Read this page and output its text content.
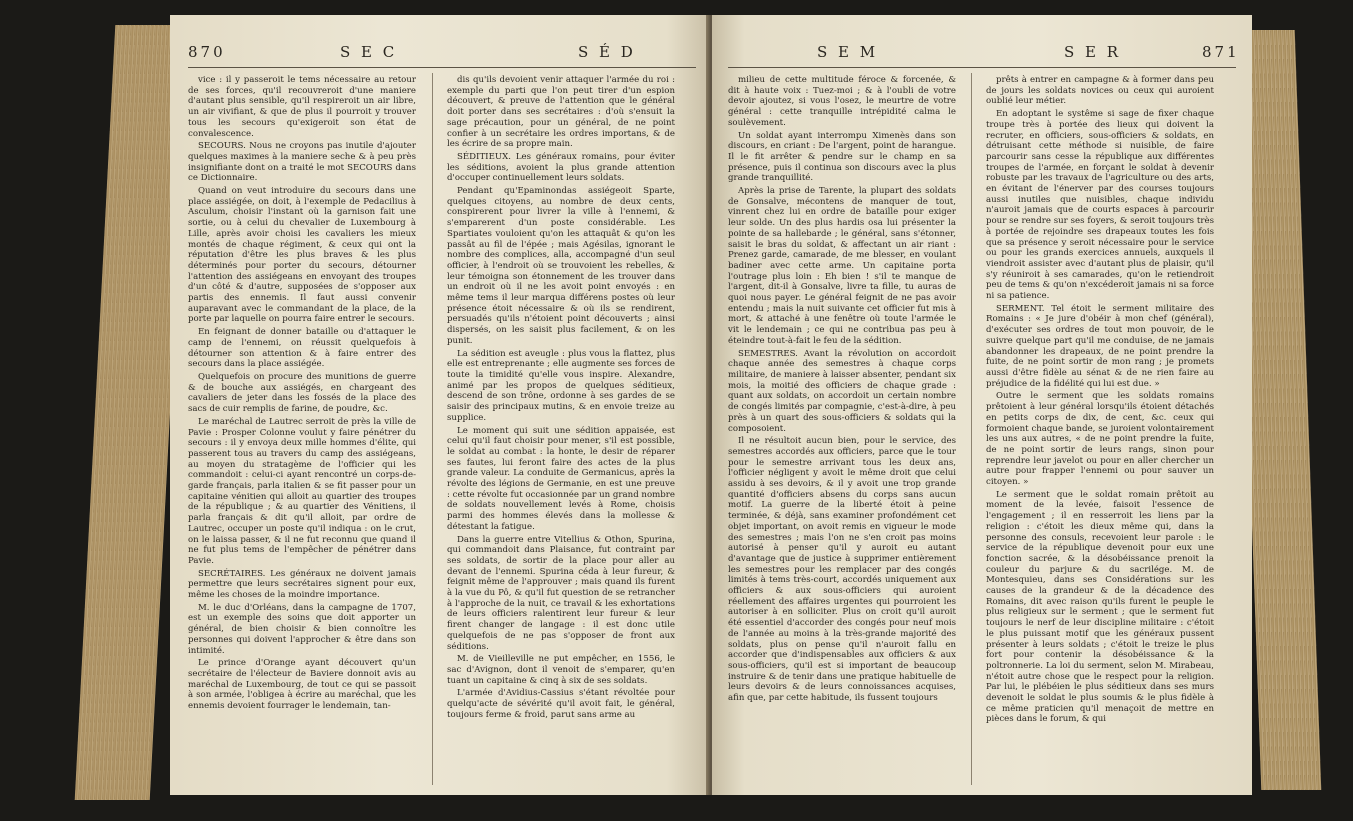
870	S E C	S É D

vice : il y passeroit le tems nécessaire au retour de ses forces, qu'il recouvreroit d'une maniere d'autant plus sensible, qu'il respireroit un air libre, un air vivifiant, & que de plus il pourroit y trouver tous les secours qu'exigeroit son état de convalescence.

SECOURS. Nous ne croyons pas inutile d'ajouter quelques maximes à la maniere seche & à peu près insignifiante dont on a traité le mot SECOURS dans ce Dictionnaire.

Quand on veut introduire du secours dans une place assiégée, on doit, à l'exemple de Pedacilius à Asculum, choisir l'instant où la garnison fait une sortie, ou à celui du chevalier de Luxembourg à Lille, après avoir choisi les cavaliers les mieux montés de chaque régiment, & ceux qui ont la réputation d'être les plus braves & les plus déterminés pour porter du secours, détourner l'attention des assiégeans en envoyant des troupes d'un côté & d'autre, supposées de s'opposer aux partis des ennemis. Il faut aussi convenir auparavant avec le commandant de la place, de la porte par laquelle on pourra faire entrer le secours.

En feignant de donner bataille ou d'attaquer le camp de l'ennemi, on réussit quelquefois à détourner son attention & à faire entrer des secours dans la place assiégée.

Quelquefois on procure des munitions de guerre & de bouche aux assiégés, en chargeant des cavaliers de jeter dans les fossés de la place des sacs de cuir remplis de farine, de poudre, &c.

Le maréchal de Lautrec serroit de près la ville de Pavie : Prosper Colonne voulut y faire pénétrer du secours : il y envoya deux mille hommes d'élite, qui passerent tous au travers du camp des assiégeans, au moyen du stratagème de l'officier qui les commandoit : celui-ci ayant rencontré un corps-de-garde français, parla italien & se fit passer pour un capitaine vénitien qui alloit au quartier des troupes de la république ; & au quartier des Vénitiens, il parla français & dit qu'il alloit, par ordre de Lautrec, occuper un poste qu'il indiqua : on le crut, on le laissa passer, & il ne fut reconnu que quand il ne fut plus tems de l'empêcher de pénétrer dans Pavie.

SECRÉTAIRES. Les généraux ne doivent jamais permettre que leurs secrétaires signent pour eux, même les choses de la moindre importance.

M. le duc d'Orléans, dans la campagne de 1707, est un exemple des soins que doit apporter un général, de bien choisir & bien connoître les personnes qui doivent l'approcher & être dans son intimité.

Le prince d'Orange ayant découvert qu'un secrétaire de l'électeur de Baviere donnoit avis au maréchal de Luxembourg, de tout ce qui se passoit à son armée, l'obligea à écrire au maréchal, que les ennemis devoient fourrager le lendemain, tan-

dis qu'ils devoient venir attaquer l'armée du roi : exemple du parti que l'on peut tirer d'un espion découvert, & preuve de l'attention que le général doit porter dans ses secrétaires : d'où s'ensuit la sage précaution, pour un général, de ne point confier à un secrétaire les ordres importans, & de les écrire de sa propre main.

SÉDITIEUX. Les généraux romains, pour éviter les séditions, avoient la plus grande attention d'occuper continuellement leurs soldats.

Pendant qu'Epaminondas assiégeoit Sparte, quelques citoyens, au nombre de deux cents, conspirerent pour livrer la ville à l'ennemi, & s'emparerent d'un poste considérable. Les Spartiates vouloient qu'on les attaquât & qu'on les passât au fil de l'épée ; mais Agésilas, ignorant le nombre des complices, alla, accompagné d'un seul officier, à l'endroit où se trouvoient les rebelles, & leur témoigna son étonnement de les trouver dans un endroit où il ne les avoit point envoyés : en même tems il leur marqua différens postes où leur présence étoit nécessaire & où ils se rendirent, persuadés qu'ils n'étoient point découverts ; ainsi dispersés, on les saisit plus facilement, & on les punit.

La sédition est aveugle : plus vous la flattez, plus elle est entreprenante ; elle augmente ses forces de toute la timidité qu'elle vous inspire. Alexandre, animé par les propos de quelques séditieux, descend de son trône, ordonne à ses gardes de se saisir des principaux mutins, & en envoie treize au supplice.

Le moment qui suit une sédition appaisée, est celui qu'il faut choisir pour mener, s'il est possible, le soldat au combat : la honte, le desir de réparer ses fautes, lui feront faire des actes de la plus grande valeur. La conduite de Germanicus, après la révolte des légions de Germanie, en est une preuve : cette révolte fut occasionnée par un grand nombre de soldats nouvellement levés à Rome, choisis parmi des hommes élevés dans la mollesse & détestant la fatigue.

Dans la guerre entre Vitellius & Othon, Spurina, qui commandoit dans Plaisance, fut contraint par ses soldats, de sortir de la place pour aller au devant de l'ennemi. Spurina céda à leur fureur, & feignit même de l'approuver ; mais quand ils furent à la vue du Pô, & qu'il fut question de se retrancher à l'approche de la nuit, ce travail & les exhortations de leurs officiers ralentirent leur fureur & leur firent changer de langage : il est donc utile quelquefois de ne pas s'opposer de front aux séditions.

M. de Vieilleville ne put empêcher, en 1556, le sac d'Avignon, dont il venoit de s'emparer, qu'en tuant un capitaine & cinq à six de ses soldats.

L'armée d'Avidius-Cassius s'étant révoltée pour quelqu'acte de sévérité qu'il avoit fait, le général, toujours ferme & froid, parut sans arme au

S E M	S E R	871

milieu de cette multitude féroce & forcenée, & dit à haute voix : Tuez-moi ; & à l'oubli de votre devoir ajoutez, si vous l'osez, le meurtre de votre général : cette tranquille intrépidité calma le soulèvement.

Un soldat ayant interrompu Ximenès dans son discours, en criant : De l'argent, point de harangue. Il le fit arrêter & pendre sur le champ en sa présence, puis il continua son discours avec la plus grande tranquillité.

Après la prise de Tarente, la plupart des soldats de Gonsalve, mécontens de manquer de tout, vinrent chez lui en ordre de bataille pour exiger leur solde. Un des plus hardis osa lui présenter la pointe de sa hallebarde ; le général, sans s'étonner, saisit le bras du soldat, & affectant un air riant : Prenez garde, camarade, de me blesser, en voulant badiner avec cette arme. Un capitaine porta l'outrage plus loin : Eh bien ! s'il te manque de l'argent, dit-il à Gonsalve, livre ta fille, tu auras de quoi nous payer. Le général feignit de ne pas avoir entendu ; mais la nuit suivante cet officier fut mis à mort, & attaché à une fenêtre où toute l'armée le vit le lendemain ; ce qui ne contribua pas peu à éteindre tout-à-fait le feu de la sédition.

SEMESTRES. Avant la révolution on accordoit chaque année des semestres à chaque corps militaire, de maniere à laisser absenter, pendant six mois, la moitié des officiers de chaque grade : quant aux soldats, on accordoit un certain nombre de congés limités par compagnie, c'est-à-dire, à peu près à un quart des sous-officiers & soldats qui la composoient.

Il ne résultoit aucun bien, pour le service, des semestres accordés aux officiers, parce que le tour pour le semestre arrivant tous les deux ans, l'officier négligent y avoit le même droit que celui assidu à ses devoirs, & il y avoit une trop grande quantité d'officiers absens du corps sans aucun motif. La guerre de la liberté étoit à peine terminée, & déjà, sans examiner profondément cet objet important, on avoit remis en vigueur le mode des semestres ; mais l'on ne s'en croit pas moins autorisé à penser qu'il y auroit eu autant d'avantage que de justice à supprimer entièrement les semestres pour les remplacer par des congés limités à tems très-court, accordés uniquement aux officiers & aux sous-officiers qui auroient réellement des affaires urgentes qui pourroient les autoriser à en solliciter. Plus on croit qu'il auroit été essentiel d'accorder des congés pour neuf mois de l'année au moins à la très-grande majorité des soldats, plus on pense qu'il n'auroit fallu en accorder que d'indispensables aux officiers & aux sous-officiers, qu'il est si important de beaucoup instruire & de tenir dans une pratique habituelle de leurs devoirs & de leurs connoissances acquises, afin que, par cette habitude, ils fussent toujours

prêts à entrer en campagne & à former dans peu de jours les soldats novices ou ceux qui auroient oublié leur métier.

En adoptant le systême si sage de fixer chaque troupe très à portée des lieux qui doivent la recruter, en officiers, sous-officiers & soldats, en détruisant cette méthode si nuisible, de faire parcourir sans cesse la république aux différentes troupes de l'armée, en forçant le soldat à devenir robuste par les travaux de l'agriculture ou des arts, en évitant de l'énerver par des courses toujours aussi inutiles que nuisibles, chaque individu n'auroit jamais que de courts espaces à parcourir pour se rendre sur ses foyers, & seroit toujours très à portée de rejoindre ses drapeaux toutes les fois que sa présence y seroit nécessaire pour le service ou pour les grands exercices annuels, auxquels il viendroit assister avec d'autant plus de plaisir, qu'il s'y réuniroit à ses camarades, qu'on le retiendroit peu de tems & qu'on n'excéderoit jamais ni sa force ni sa patience.

SERMENT. Tel étoit le serment militaire des Romains : « Je jure d'obéir à mon chef (général), d'exécuter ses ordres de tout mon pouvoir, de le suivre quelque part qu'il me conduise, de ne jamais abandonner les drapeaux, de ne point prendre la fuite, de ne point sortir de mon rang ; je promets aussi d'être fidèle au sénat & de ne rien faire au préjudice de la fidélité qui lui est due. »

Outre le serment que les soldats romains prêtoient à leur général lorsqu'ils étoient détachés en petits corps de dix, de cent, &c. ceux qui formoient chaque bande, se juroient volontairement les uns aux autres, « de ne point prendre la fuite, de ne point sortir de leurs rangs, sinon pour reprendre leur javelot ou pour en aller chercher un autre pour frapper l'ennemi ou pour sauver un citoyen. »

Le serment que le soldat romain prêtoit au moment de la levée, faisoit l'essence de l'engagement ; il en resserroit les liens par la religion : c'étoit les dieux même qui, dans la personne des consuls, recevoient leur parole : le service de la république devenoit pour eux une fonction sacrée, & la désobéissance prenoit la couleur du parjure & du sacrilége. M. de Montesquieu, dans ses Considérations sur les causes de la grandeur & de la décadence des Romains, dit avec raison qu'ils furent le peuple le plus religieux sur le serment ; que le serment fut toujours le nerf de leur discipline militaire : c'étoit le plus puissant motif que les généraux pussent présenter à leurs soldats ; c'étoit le treize le plus fort pour contenir la désobéissance & la poltronnerie. La loi du serment, selon M. Mirabeau, n'étoit autre chose que le respect pour la religion. Par lui, le plébéien le plus séditieux dans ses murs devenoit le soldat le plus soumis & le plus fidèle à ce même praticien qu'il menaçoit de mettre en pièces dans le forum, & qui
